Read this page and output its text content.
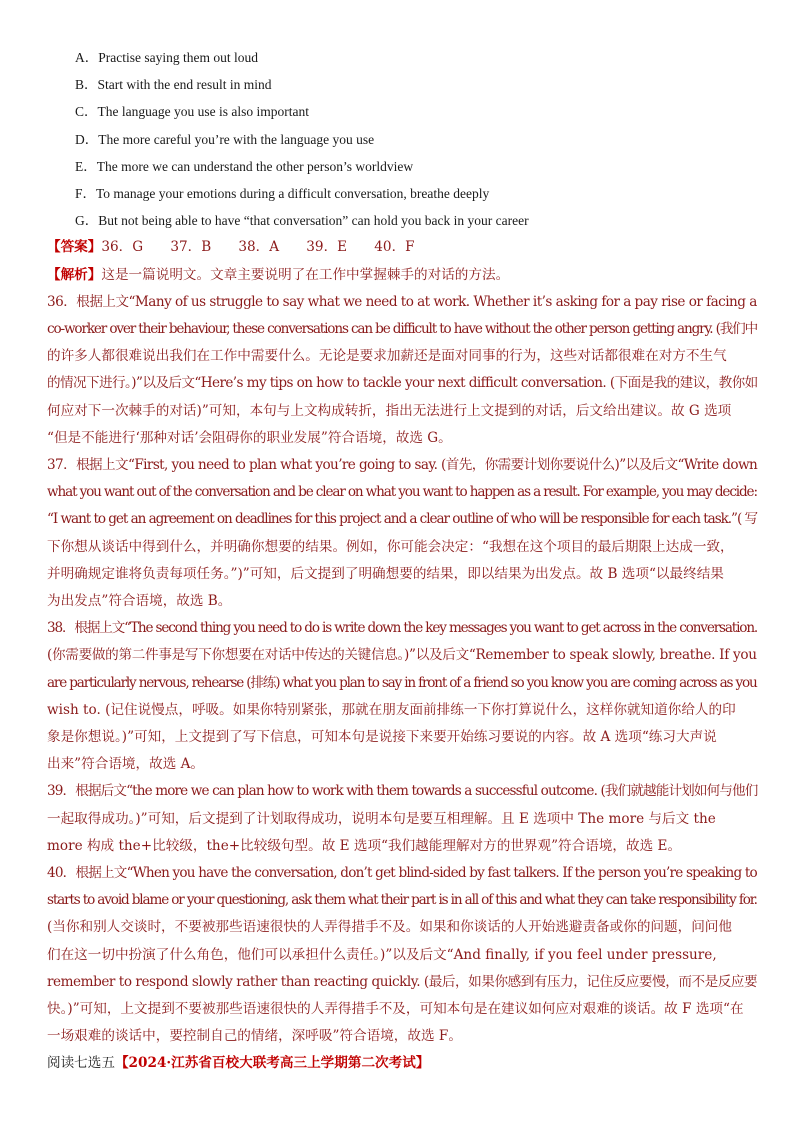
A．Practise saying them out loud
B．Start with the end result in mind
C．The language you use is also important
D．The more careful you’re with the language you use
E．The more we can understand the other person’s worldview
F．To manage your emotions during a difficult conversation, breathe deeply
G．But not being able to have “that conversation” can hold you back in your career
【答案】36．G　　37．B　　38．A　　39．E　　40．F
【解析】这是一篇说明文。文章主要说明了在工作中掌握棘手的对话的方法。
36．根据上文“Many of us struggle to say what we need to at work. Whether it’s asking for a pay rise or facing a
co-worker over their behaviour, these conversations can be difficult to have without the other person getting angry. (我们中
的许多人都很难说出我们在工作中需要什么。无论是要求加薪还是面对同事的行为，这些对话都很难在对方不生气
的情况下进行。)”以及后文“Here’s my tips on how to tackle your next difficult conversation. (下面是我的建议，教你如
何应对下一次棘手的对话)”可知，本句与上文构成转折，指出无法进行上文提到的对话，后文给出建议。故 G 选项
“但是不能进行‘那种对话’会阻碍你的职业发展”符合语境，故选 G。
37．根据上文“First, you need to plan what you’re going to say. (首先，你需要计划你要说什么)”以及后文“Write down
what you want out of the conversation and be clear on what you want to happen as a result. For example, you may decide:
“I want to get an agreement on deadlines for this project and a clear outline of who will be responsible for each task.”( 写
下你想从谈话中得到什么，并明确你想要的结果。例如，你可能会决定：“我想在这个项目的最后期限上达成一致，
并明确规定谁将负责每项任务。”)”可知，后文提到了明确想要的结果，即以结果为出发点。故 B 选项“以最终结果
为出发点”符合语境，故选 B。
38．根据上文“The second thing you need to do is write down the key messages you want to get across in the conversation.
(你需要做的第二件事是写下你想要在对话中传达的关键信息。)”以及后文“Remember to speak slowly, breathe. If you
are particularly nervous, rehearse (排练) what you plan to say in front of a friend so you know you are coming across as you
wish to. (记住说慢点，呼吸。如果你特别紧张，那就在朋友面前排练一下你打算说什么，这样你就知道你给人的印
象是你想说。)”可知，上文提到了写下信息，可知本句是说接下来要开始练习要说的内容。故 A 选项“练习大声说
出来”符合语境，故选 A。
39．根据后文“the more we can plan how to work with them towards a successful outcome. (我们就越能计划如何与他们
一起取得成功。)”可知，后文提到了计划取得成功，说明本句是要互相理解。且 E 选项中 The more 与后文 the
more 构成 the+比较级，the+比较级句型。故 E 选项“我们越能理解对方的世界观”符合语境，故选 E。
40．根据上文“When you have the conversation, don’t get blind-sided by fast talkers. If the person you’re speaking to
starts to avoid blame or your questioning, ask them what their part is in all of this and what they can take responsibility for.
(当你和别人交谈时，不要被那些语速很快的人弄得措手不及。如果和你谈话的人开始逃避责备或你的问题，问问他
们在这一切中扮演了什么角色，他们可以承担什么责任。)”以及后文“And finally, if you feel under pressure,
remember to respond slowly rather than reacting quickly. (最后，如果你感到有压力，记住反应要慢，而不是反应要
快。)”可知，上文提到不要被那些语速很快的人弄得措手不及，可知本句是在建议如何应对艰难的谈话。故 F 选项“在
一场艰难的谈话中，要控制自己的情绪，深呼吸”符合语境，故选 F。
阅读七选五【2024·江苏省百校大联考高三上学期第二次考试】
